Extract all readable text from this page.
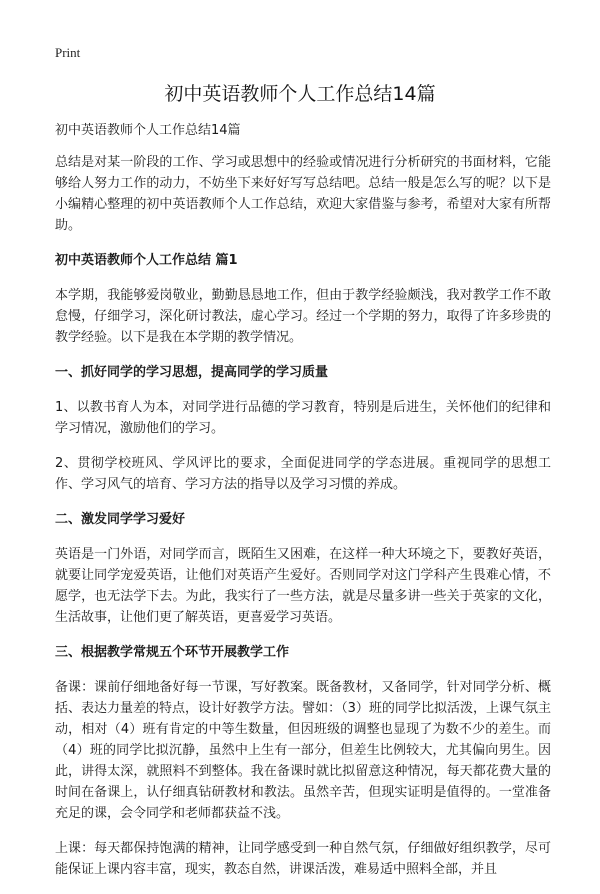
Print
初中英语教师个人工作总结14篇

初中英语教师个人工作总结14篇

总结是对某一阶段的工作、学习或思想中的经验或情况进行分析研究的书面材料，它能够给人努力工作的动力，不妨坐下来好好写写总结吧。总结一般是怎么写的呢？以下是小编精心整理的初中英语教师个人工作总结，欢迎大家借鉴与参考，希望对大家有所帮助。

初中英语教师个人工作总结 篇1

本学期，我能够爱岗敬业，勤勤恳恳地工作，但由于教学经验颇浅，我对教学工作不敢怠慢，仔细学习，深化研讨教法，虚心学习。经过一个学期的努力，取得了许多珍贵的教学经验。以下是我在本学期的教学情况。

一、抓好同学的学习思想，提高同学的学习质量

1、以教书育人为本，对同学进行品德的学习教育，特别是后进生，关怀他们的纪律和学习情况，激励他们的学习。

2、贯彻学校班风、学风评比的要求，全面促进同学的学态进展。重视同学的思想工作、学习风气的培育、学习方法的指导以及学习习惯的养成。

二、激发同学学习爱好

英语是一门外语，对同学而言，既陌生又困难，在这样一种大环境之下，要教好英语，就要让同学宠爱英语，让他们对英语产生爱好。否则同学对这门学科产生畏难心情，不愿学，也无法学下去。为此，我实行了一些方法，就是尽量多讲一些关于英家的文化，生活故事，让他们更了解英语，更喜爱学习英语。

三、根据教学常规五个环节开展教学工作

备课：课前仔细地备好每一节课，写好教案。既备教材，又备同学，针对同学分析、概括、表达力量差的特点，设计好教学方法。譬如：（3）班的同学比拟活泼，上课气氛主动，相对（4）班有肯定的中等生数量，但因班级的调整也显现了为数不少的差生。而（4）班的同学比拟沉静，虽然中上生有一部分，但差生比例较大，尤其偏向男生。因此，讲得太深，就照料不到整体。我在备课时就比拟留意这种情况，每天都花费大量的时间在备课上，认仔细真钻研教材和教法。虽然辛苦，但现实证明是值得的。一堂准备充足的课，会令同学和老师都获益不浅。

上课：每天都保持饱满的精神，让同学感受到一种自然气氛，仔细做好组织教学，尽可能保证上课内容丰富，现实，教态自然，讲课活泼，难易适中照料全部，并且
